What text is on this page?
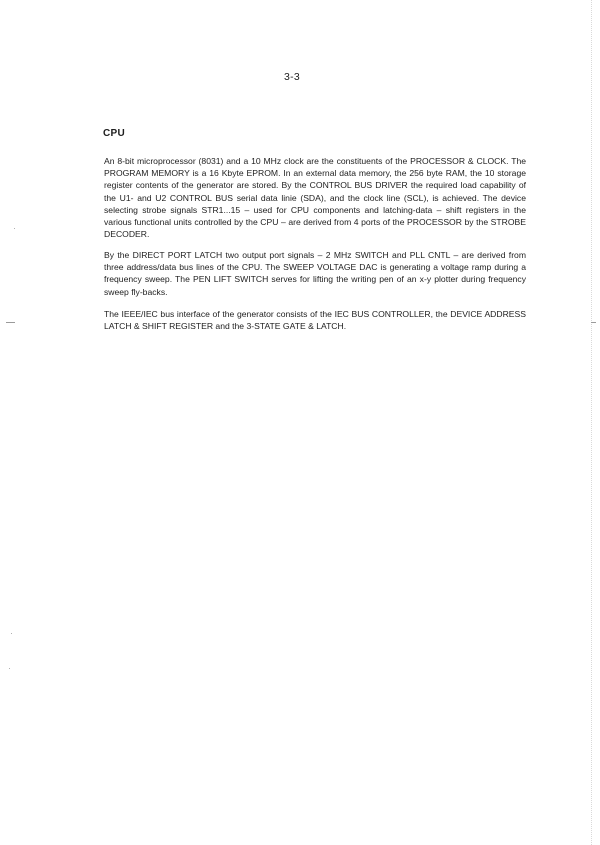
3-3
CPU
An 8-bit microprocessor (8031) and a 10 MHz clock are the constituents of the PROCESSOR & CLOCK. The PROGRAM MEMORY is a 16 Kbyte EPROM. In an external data memory, the 256 byte RAM, the 10 storage register contents of the generator are stored. By the CONTROL BUS DRIVER the required load capability of the U1- and U2 CONTROL BUS serial data linie (SDA), and the clock line (SCL), is achieved. The device selecting strobe signals STR1...15 – used for CPU components and latching-data – shift registers in the various functional units controlled by the CPU – are derived from 4 ports of the PROCESSOR by the STROBE DECODER.
By the DIRECT PORT LATCH two output port signals – 2 MHz SWITCH and PLL CNTL – are derived from three address/data bus lines of the CPU. The SWEEP VOLTAGE DAC is generating a voltage ramp during a frequency sweep. The PEN LIFT SWITCH serves for lifting the writing pen of an x-y plotter during frequency sweep fly-backs.
The IEEE/IEC bus interface of the generator consists of the IEC BUS CONTROLLER, the DEVICE ADDRESS LATCH & SHIFT REGISTER and the 3-STATE GATE & LATCH.
